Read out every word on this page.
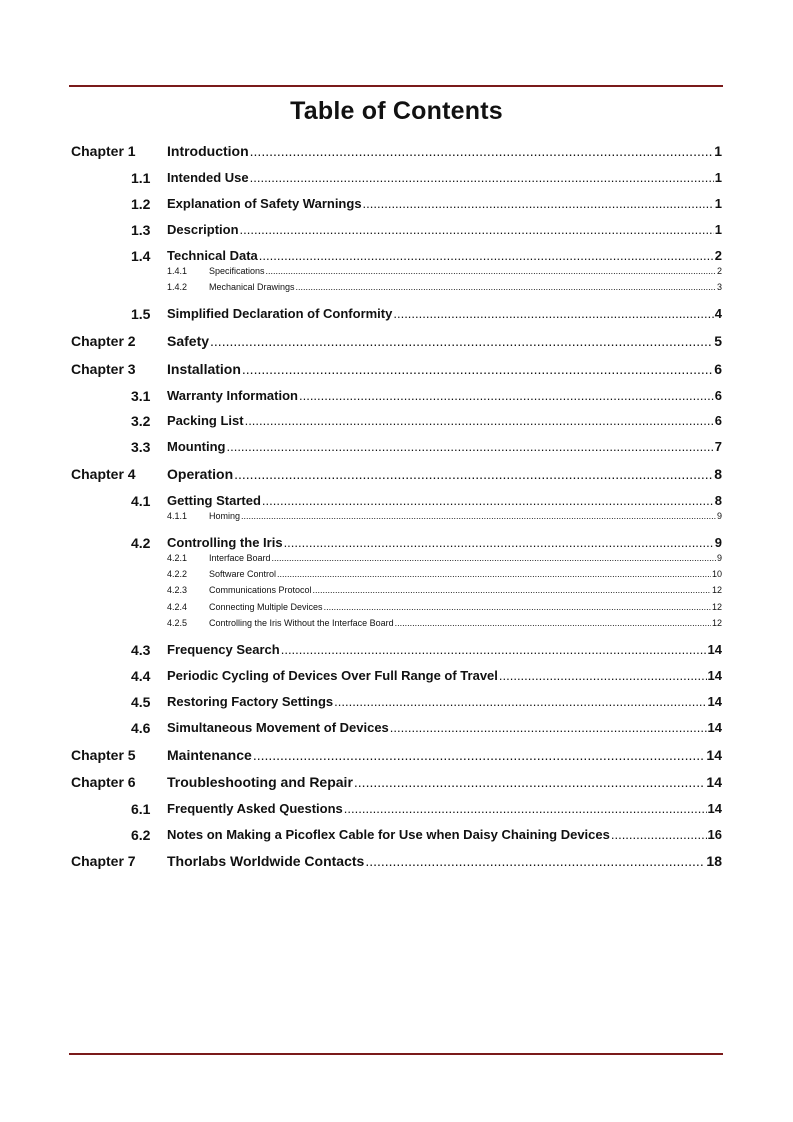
Table of Contents
Chapter 1 Introduction .....	1
1.1 Intended Use .....	1
1.2 Explanation of Safety Warnings .....	1
1.3 Description .....	1
1.4 Technical Data .....	2
1.4.1 Specifications .....	2
1.4.2 Mechanical Drawings .....	3
1.5 Simplified Declaration of Conformity .....	4
Chapter 2 Safety .....	5
Chapter 3 Installation .....	6
3.1 Warranty Information .....	6
3.2 Packing List .....	6
3.3 Mounting .....	7
Chapter 4 Operation .....	8
4.1 Getting Started .....	8
4.1.1 Homing .....	9
4.2 Controlling the Iris .....	9
4.2.1 Interface Board .....	9
4.2.2 Software Control .....	10
4.2.3 Communications Protocol .....	12
4.2.4 Connecting Multiple Devices .....	12
4.2.5 Controlling the Iris Without the Interface Board .....	12
4.3 Frequency Search .....	14
4.4 Periodic Cycling of Devices Over Full Range of Travel .....	14
4.5 Restoring Factory Settings .....	14
4.6 Simultaneous Movement of Devices .....	14
Chapter 5 Maintenance .....	14
Chapter 6 Troubleshooting and Repair .....	14
6.1 Frequently Asked Questions .....	14
6.2 Notes on Making a Picoflex Cable for Use when Daisy Chaining Devices .....	16
Chapter 7 Thorlabs Worldwide Contacts .....	18
